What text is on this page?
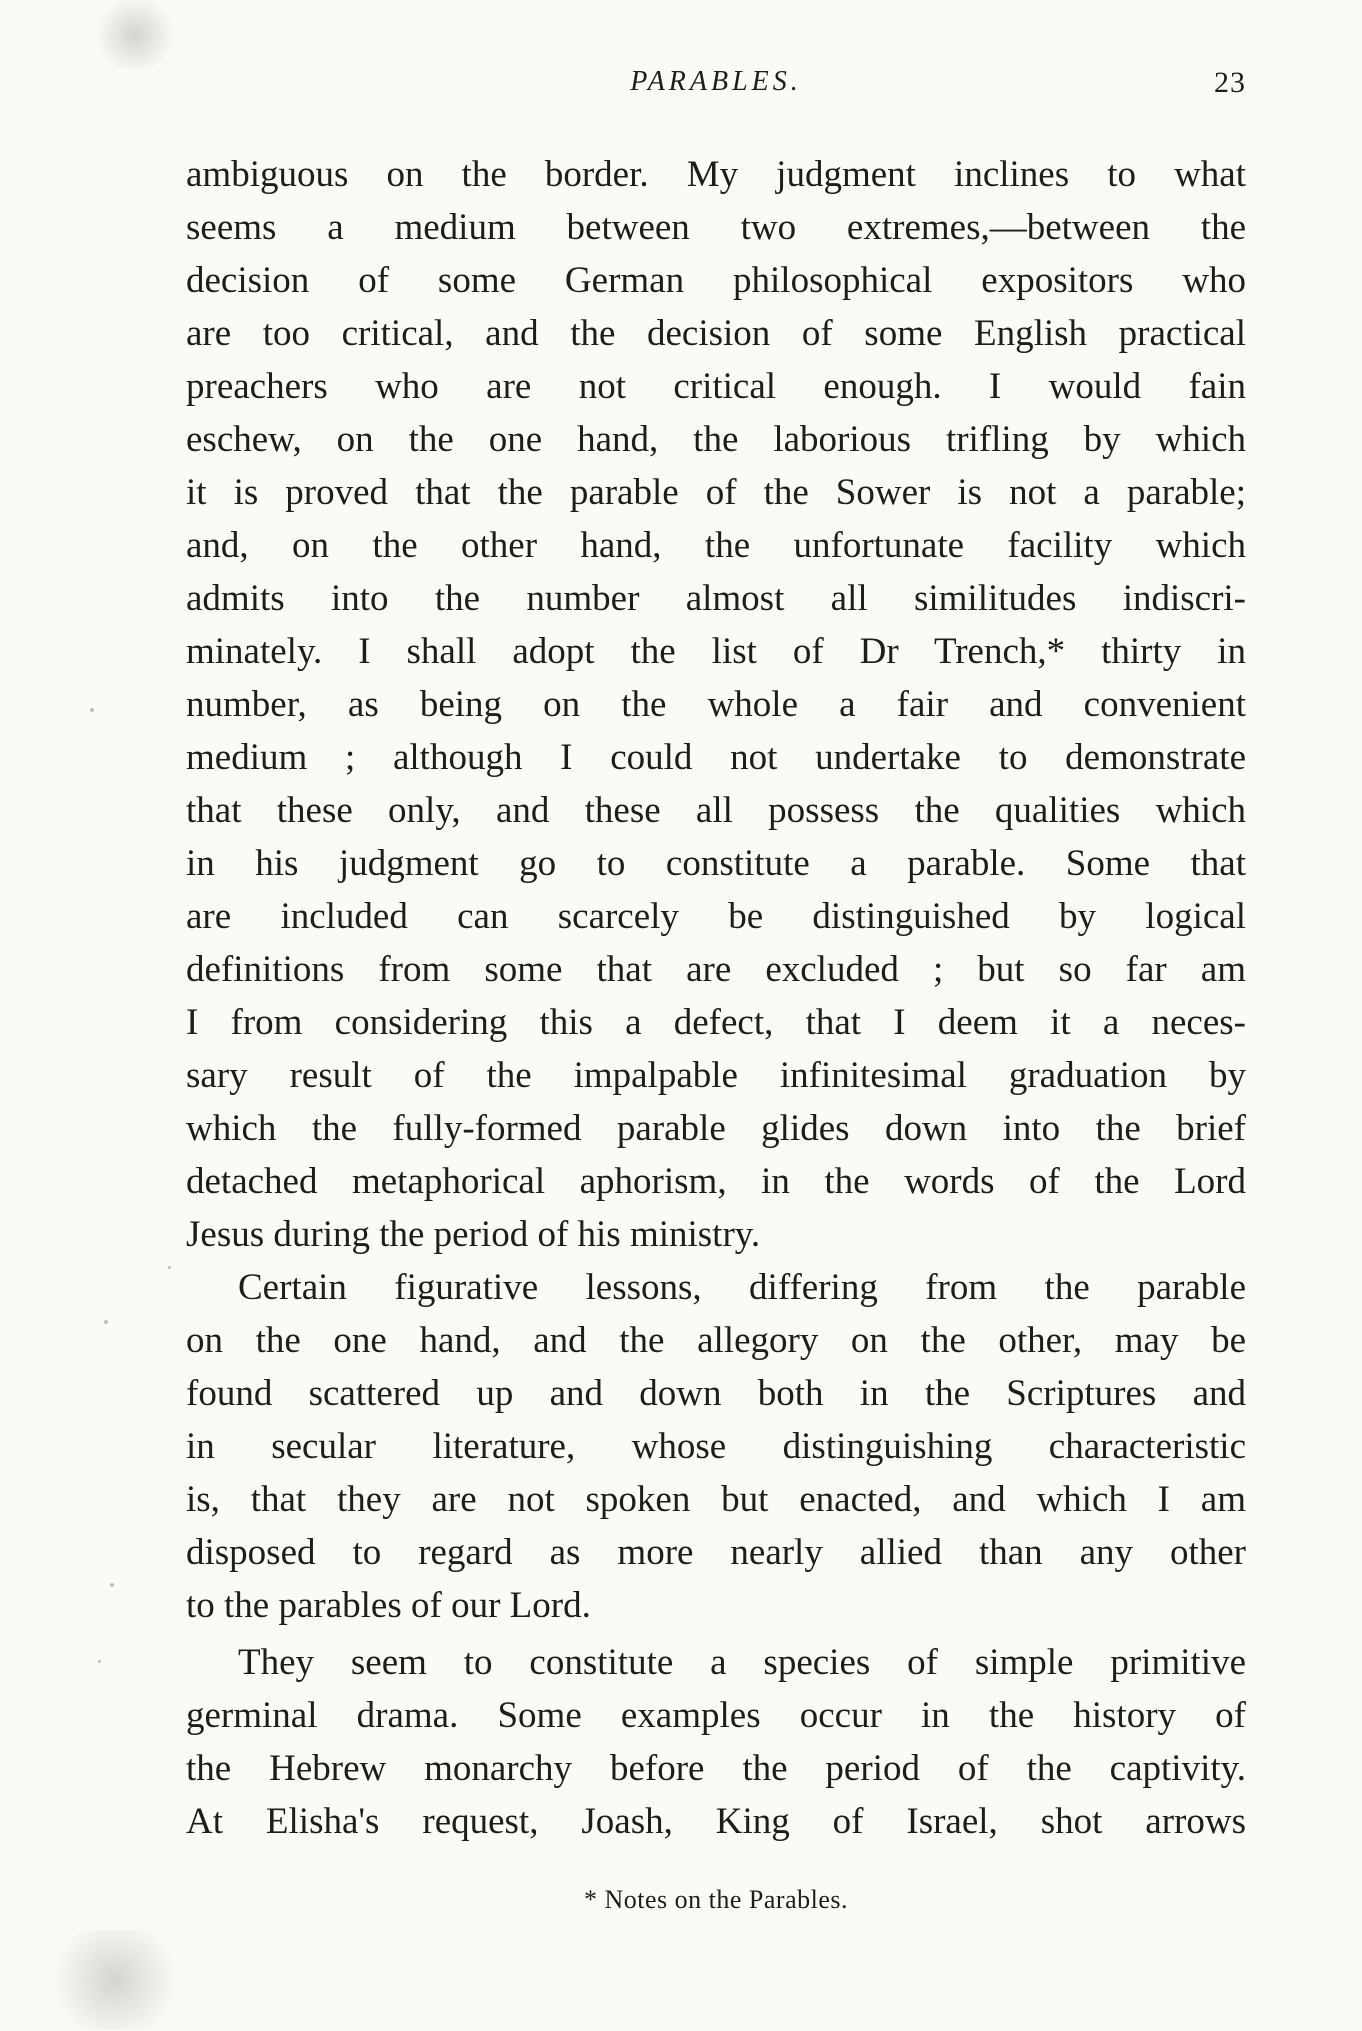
PARABLES.	23
ambiguous on the border. My judgment inclines to what
seems a medium between two extremes,—between the
decision of some German philosophical expositors who
are too critical, and the decision of some English practical
preachers who are not critical enough. I would fain
eschew, on the one hand, the laborious trifling by which
it is proved that the parable of the Sower is not a parable;
and, on the other hand, the unfortunate facility which
admits into the number almost all similitudes indiscri-
minately. I shall adopt the list of Dr Trench,* thirty in
number, as being on the whole a fair and convenient
medium ; although I could not undertake to demonstrate
that these only, and these all possess the qualities which
in his judgment go to constitute a parable. Some that
are included can scarcely be distinguished by logical
definitions from some that are excluded ; but so far am
I from considering this a defect, that I deem it a neces-
sary result of the impalpable infinitesimal graduation by
which the fully-formed parable glides down into the brief
detached metaphorical aphorism, in the words of the Lord
Jesus during the period of his ministry.
Certain figurative lessons, differing from the parable
on the one hand, and the allegory on the other, may be
found scattered up and down both in the Scriptures and
in secular literature, whose distinguishing characteristic
is, that they are not spoken but enacted, and which I am
disposed to regard as more nearly allied than any other
to the parables of our Lord.
They seem to constitute a species of simple primitive
germinal drama. Some examples occur in the history of
the Hebrew monarchy before the period of the captivity.
At Elisha's request, Joash, King of Israel, shot arrows
* Notes on the Parables.
